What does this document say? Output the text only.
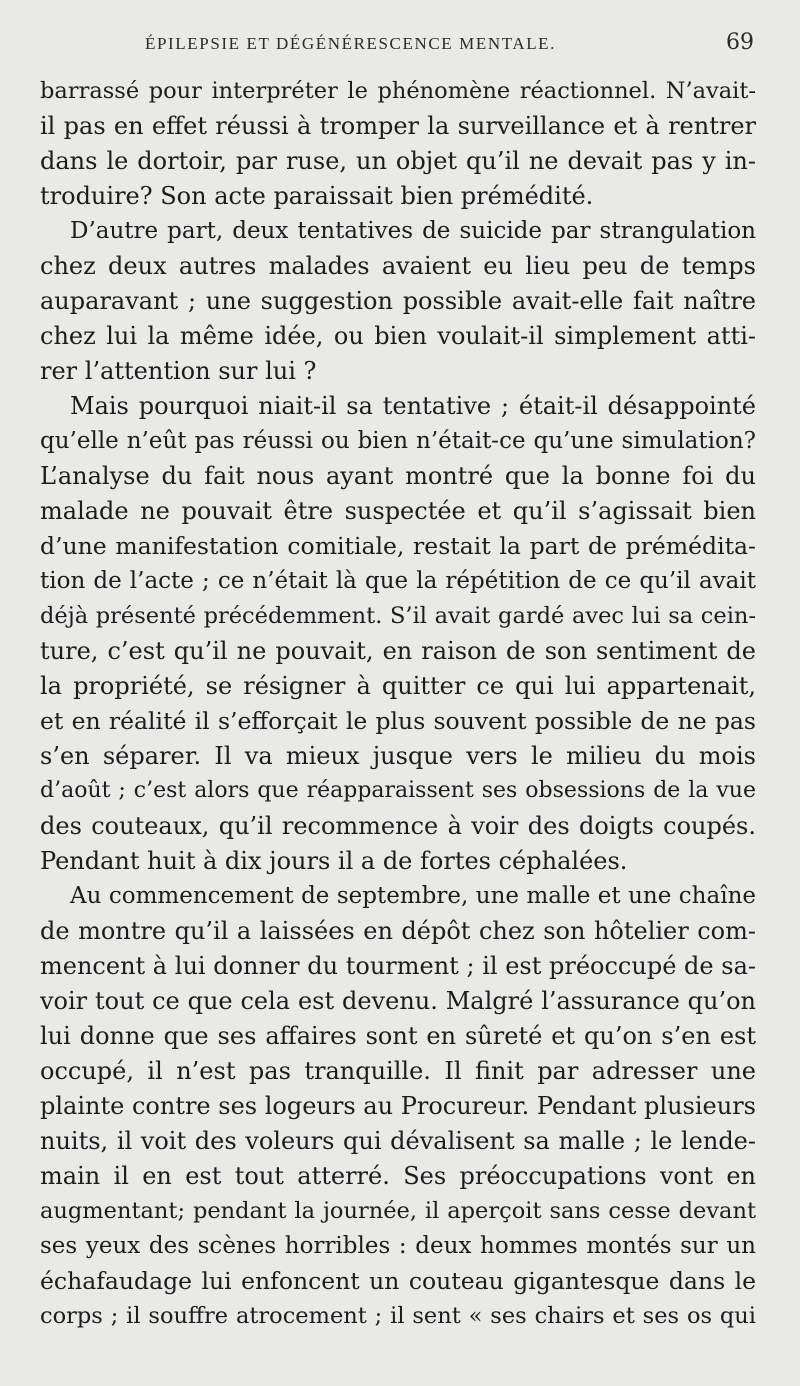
ÉPILEPSIE ET DÉGÉNÉRESCENCE MENTALE.	69
barrassé pour interpréter le phénomène réactionnel. N’avait-
il pas en effet réussi à tromper la surveillance et à rentrer
dans le dortoir, par ruse, un objet qu’il ne devait pas y in-
troduire? Son acte paraissait bien prémédité.
D’autre part, deux tentatives de suicide par strangulation
chez deux autres malades avaient eu lieu peu de temps
auparavant ; une suggestion possible avait-elle fait naître
chez lui la même idée, ou bien voulait-il simplement atti-
rer l’attention sur lui ?
Mais pourquoi niait-il sa tentative ; était-il désappointé
qu’elle n’eût pas réussi ou bien n’était-ce qu’une simulation?
L’analyse du fait nous ayant montré que la bonne foi du
malade ne pouvait être suspectée et qu’il s’agissait bien
d’une manifestation comitiale, restait la part de prémédita-
tion de l’acte ; ce n’était là que la répétition de ce qu’il avait
déjà présenté précédemment. S’il avait gardé avec lui sa cein-
ture, c’est qu’il ne pouvait, en raison de son sentiment de
la propriété, se résigner à quitter ce qui lui appartenait,
et en réalité il s’efforçait le plus souvent possible de ne pas
s’en séparer. Il va mieux jusque vers le milieu du mois
d’août ; c’est alors que réapparaissent ses obsessions de la vue
des couteaux, qu’il recommence à voir des doigts coupés.
Pendant huit à dix jours il a de fortes céphalées.
Au commencement de septembre, une malle et une chaîne
de montre qu’il a laissées en dépôt chez son hôtelier com-
mencent à lui donner du tourment ; il est préoccupé de sa-
voir tout ce que cela est devenu. Malgré l’assurance qu’on
lui donne que ses affaires sont en sûreté et qu’on s’en est
occupé, il n’est pas tranquille. Il finit par adresser une
plainte contre ses logeurs au Procureur. Pendant plusieurs
nuits, il voit des voleurs qui dévalisent sa malle ; le lende-
main il en est tout atterré. Ses préoccupations vont en
augmentant; pendant la journée, il aperçoit sans cesse devant
ses yeux des scènes horribles : deux hommes montés sur un
échafaudage lui enfoncent un couteau gigantesque dans le
corps ; il souffre atrocement ; il sent « ses chairs et ses os qui
